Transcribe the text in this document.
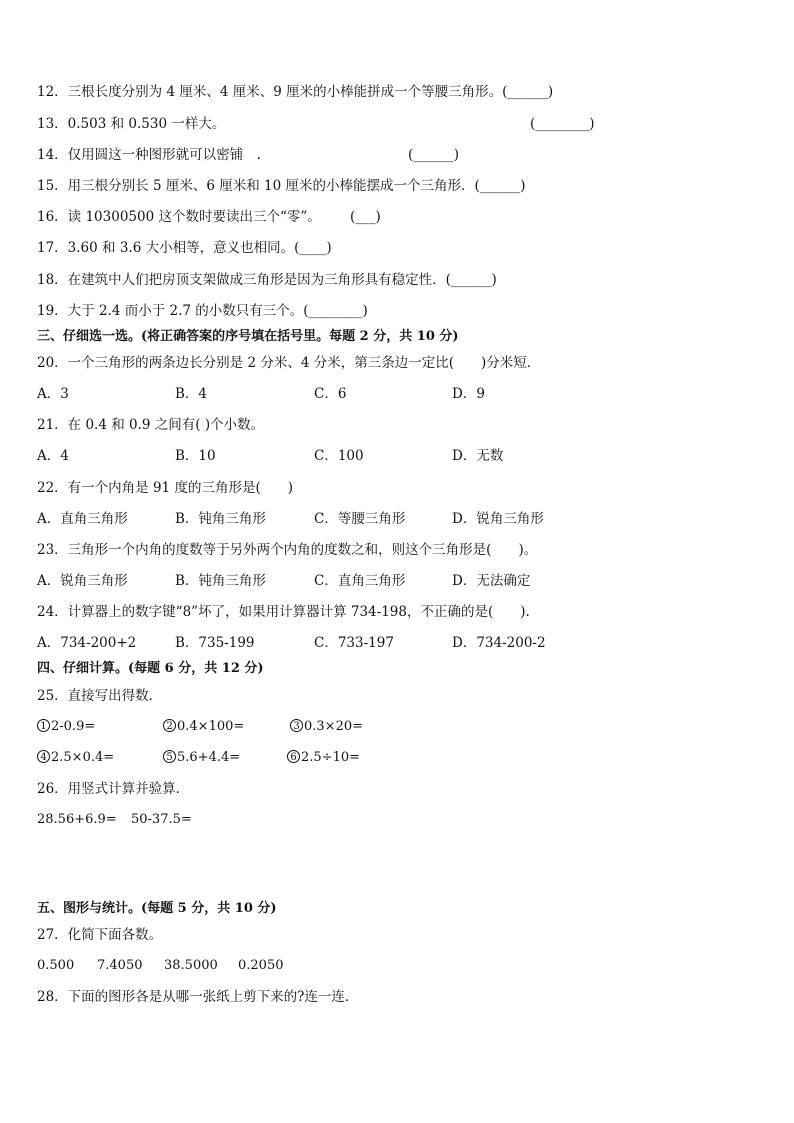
12．三根长度分别为 4 厘米、4 厘米、9 厘米的小棒能拼成一个等腰三角形。(______)
13．0.503 和 0.530 一样大。	(________)
14．仅用圆这一种图形就可以密铺　.	(______)
15．用三根分别长 5 厘米、6 厘米和 10 厘米的小棒能摆成一个三角形．(______)
16．读 10300500 这个数时要读出三个“零”。 (___)
17．3.60 和 3.6 大小相等，意义也相同。(____)
18．在建筑中人们把房顶支架做成三角形是因为三角形具有稳定性．(______)
19．大于 2.4 而小于 2.7 的小数只有三个。(________)
三、仔细选一选。(将正确答案的序号填在括号里。每题 2 分，共 10 分)
20．一个三角形的两条边长分别是 2 分米、4 分米，第三条边一定比(　　)分米短．
A．3	B．4	C．6	D．9
21．在 0.4 和 0.9 之间有( )个小数。
A．4	B．10	C．100	D．无数
22．有一个内角是 91 度的三角形是(　　)
A．直角三角形	B．钝角三角形	C．等腰三角形	D．锐角三角形
23．三角形一个内角的度数等于另外两个内角的度数之和，则这个三角形是(　　)。
A．锐角三角形	B．钝角三角形	C．直角三角形	D．无法确定
24．计算器上的数字键“8”坏了，如果用计算器计算 734-198，不正确的是(　　).
A．734-200+2	B．735-199	C．733-197	D．734-200-2
四、仔细计算。(每题 6 分，共 12 分)
25．直接写出得数．
1 2-0.9=	2 0.4×100=	3 0.3×20=
4 2.5×0.4=	5 5.6+4.4=	6 2.5÷10=
26．用竖式计算并验算．
28.56+6.9= 50-37.5=
五、图形与统计。(每题 5 分，共 10 分)
27．化简下面各数。
0.500 7.4050 38.5000 0.2050
28．下面的图形各是从哪一张纸上剪下来的?连一连．
